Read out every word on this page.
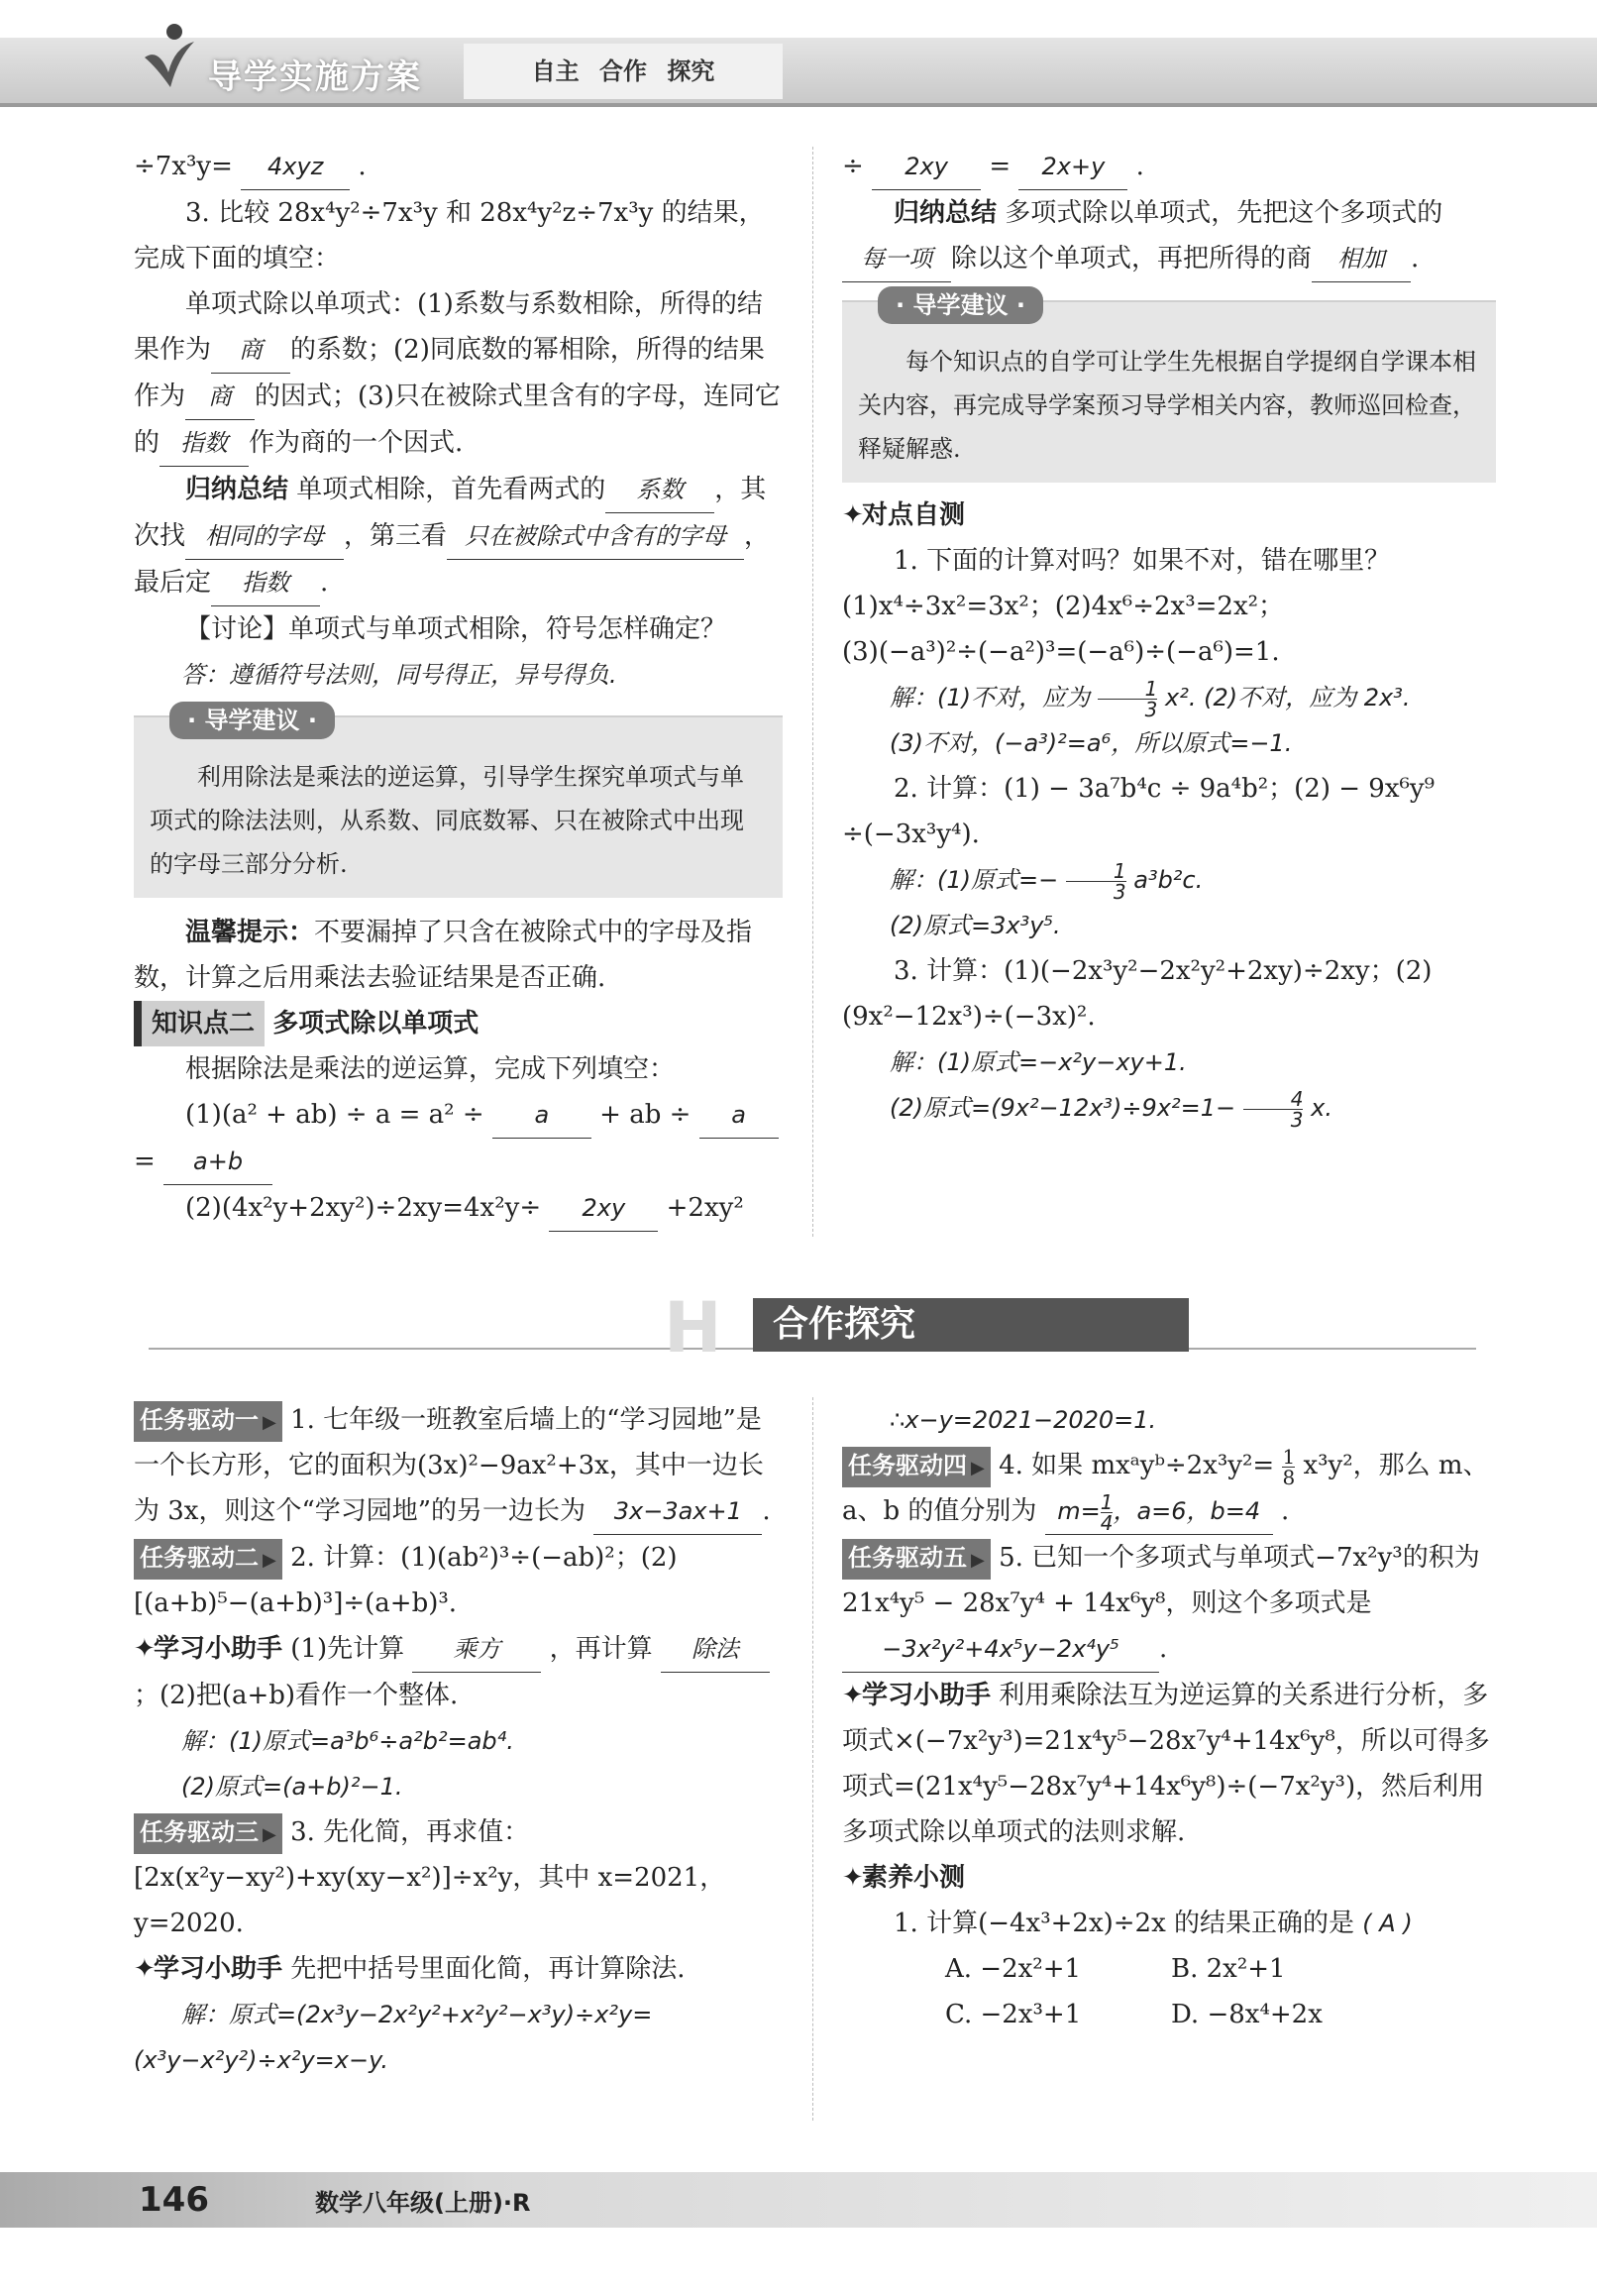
导学实施方案	自主 合作 探究

÷7x³y= 4xyz .

3. 比较 28x⁴y²÷7x³y 和 28x⁴y²z÷7x³y 的结果，完成下面的填空：

单项式除以单项式：(1)系数与系数相除，所得的结果作为 商 的系数；(2)同底数的幂相除，所得的结果作为 商 的因式；(3)只在被除式里含有的字母，连同它的 指数 作为商的一个因式.

归纳总结 单项式相除，首先看两式的 系数 ，其次找 相同的字母 ，第三看 只在被除式中含有的字母 ，最后定 指数 .

【讨论】单项式与单项式相除，符号怎样确定？

答：遵循符号法则，同号得正，异号得负.

· 导学建议 ·
利用除法是乘法的逆运算，引导学生探究单项式与单项式的除法法则，从系数、同底数幂、只在被除式中出现的字母三部分分析.

温馨提示：不要漏掉了只含在被除式中的字母及指数，计算之后用乘法去验证结果是否正确.

知识点二 多项式除以单项式

根据除法是乘法的逆运算，完成下列填空：

(1)(a² + ab) ÷ a = a² ÷ a + ab ÷ a = a+b

(2)(4x²y+2xy²)÷2xy=4x²y÷ 2xy +2xy²

÷ 2xy = 2x+y .

归纳总结 多项式除以单项式，先把这个多项式的每一项 除以这个单项式，再把所得的商 相加 .

· 导学建议 ·
每个知识点的自学可让学生先根据自学提纲自学课本相关内容，再完成导学案预习导学相关内容，教师巡回检查，释疑解惑.

✦对点自测

1. 下面的计算对吗？如果不对，错在哪里？

(1)x⁴÷3x²=3x²；(2)4x⁶÷2x³=2x²；

(3)(−a³)²÷(−a²)³=(−a⁶)÷(−a⁶)=1.

解：(1)不对，应为 $\frac{1}{3} x^2$. (2)不对，应为 2x³.

(3)不对，(−a³)²=a⁶，所以原式=−1.

2. 计算：(1) − 3a⁷b⁴c ÷ 9a⁴b²；(2) − 9x⁶y⁹ ÷(−3x³y⁴).

解：(1)原式=− $\frac{1}{3} a^3b^2c$.

(2)原式=3x³y⁵.

3. 计算：(1)(−2x³y²−2x²y²+2xy)÷2xy；(2)(9x²−12x³)÷(−3x)².

解：(1)原式=−x²y−xy+1.

(2)原式$=(9x^2-12x^3)\div 9x^2=1- \frac{4}{3} x$.

H	合作探究

任务驱动一 ▶ 1. 七年级一班教室后墙上的“学习园地”是一个长方形，它的面积为(3x)²−9ax²+3x，其中一边长为 3x，则这个“学习园地”的另一边长为 3x−3ax+1 .

任务驱动二 ▶ 2. 计算：(1)(ab²)³÷(−ab)²；(2)[(a+b)⁵−(a+b)³]÷(a+b)³.

✦学习小助手 (1)先计算 乘方 ，再计算 除法 ；(2)把(a+b)看作一个整体.

解：(1)原式=a³b⁶÷a²b²=ab⁴.

(2)原式=(a+b)²−1.

任务驱动三 ▶ 3. 先化简，再求值：[2x(x²y−xy²)+xy(xy−x²)]÷x²y，其中 x=2021，y=2020.

✦学习小助手 先把中括号里面化简，再计算除法.

解：原式=(2x³y−2x²y²+x²y²−x³y)÷x²y=(x³y−x²y²)÷x²y=x−y.

∴x−y=2021−2020=1.

任务驱动四 ▶ 4. 如果 mxᵃyᵇ÷2x³y²= $\frac{1}{8} x^3y^2$，那么 m、a、b 的值分别为 $m= \frac{1}{4}$ ，a=6，b=4 .

任务驱动五 ▶ 5. 已知一个多项式与单项式−7x²y³的积为 21x⁴y⁵ − 28x⁷y⁴ + 14x⁶y⁸，则这个多项式是 −3x²y²+4x⁵y−2x⁴y⁵ .

✦学习小助手 利用乘除法互为逆运算的关系进行分析，多项式×(−7x²y³)=21x⁴y⁵−28x⁷y⁴+14x⁶y⁸，所以可得多项式=(21x⁴y⁵−28x⁷y⁴+14x⁶y⁸)÷(−7x²y³)，然后利用多项式除以单项式的法则求解.

✦素养小测

1. 计算(−4x³+2x)÷2x 的结果正确的是 ( A )

A. −2x²+1	B. 2x²+1

C. −2x³+1	D. −8x⁴+2x

146	数学八年级(上册)·R
